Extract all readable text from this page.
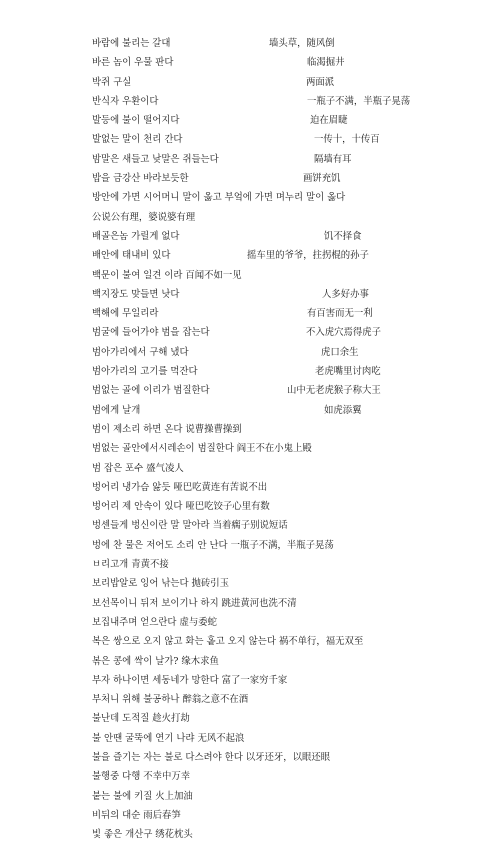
바람에 불리는 갈대	墙头草，随风倒
바른 놈이 우물 판다	临渴掘井
박쥐 구실	两面派
반식자 우환이다	一瓶子不满，半瓶子晃荡
발등에 불이 떨어지다	迫在眉睫
발없는 말이 천리 간다	一传十，十传百
밤말은 새들고 낮말은 쥐들는다	隔墙有耳
밥을 금강산 바라보듯한	画饼充饥
방안에 가면 시어머니 말이 옳고 부엌에 가면 며누리 말이 옳다
公说公有理，婆说婆有理
배골은놈 가릴게 없다	饥不择食
배안에 태내비 있다	摇车里的爷爷，拄拐棍的孙子
백문이 불여 일견 이라 百闻不如一见
백지장도 맞들면 낫다	人多好办事
백해에 무일리라	有百害而无一利
범굴에 들어가야 범을 잡는다	不入虎穴焉得虎子
범아가리에서 구해 냈다	虎口余生
범아가리의 고기를 먹잔다	老虎嘴里讨肉吃
범없는 골에 이리가 범질한다	山中无老虎猴子称大王
범에게 날개	如虎添翼
범이 제소리 하면 온다 说曹操曹操到
범없는 골안에서시레손이 범질한다 阎王不在小鬼上殿
범 잡은 포수 盛气凌人
벙어리 냉가슴 앓듯 哑巴吃黄连有苦说不出
벙어리 제 안속이 있다 哑巴吃饺子心里有数
벙센들게 벙신이란 말 말아라 当着瘸子别说短话
벙에 찬 물은 저어도 소리 안 난다 一瓶子不满，半瓶子晃荡
ㅂ리고개 青黄不接
보리밥알로 잉어 낚는다 抛砖引玉
보선목이니 뒤저 보이기나 하지 跳进黄河也洗不清
보집내주며 얻으란다 虚与委蛇
복은 쌍으로 오지 않고 화는 홑고 오지 않는다 祸不单行，福无双至
볶은 콩에 싹이 날가? 缘木求鱼
부자 하나이면 세동네가 망한다 富了一家穷千家
부처니 위해 불공하나 醉翁之意不在酒
불난데 도적질 趁火打劫
불 안땐 굴뚝에 연기 나랴 无风不起浪
불을 즐기는 자는 불로 다스려야 한다 以牙还牙，以眼还眼
불행중 다행 不幸中万幸
붙는 불에 키질 火上加油
비뒤의 대순 雨后春笋
빛 좋은 개산구 绣花枕头
